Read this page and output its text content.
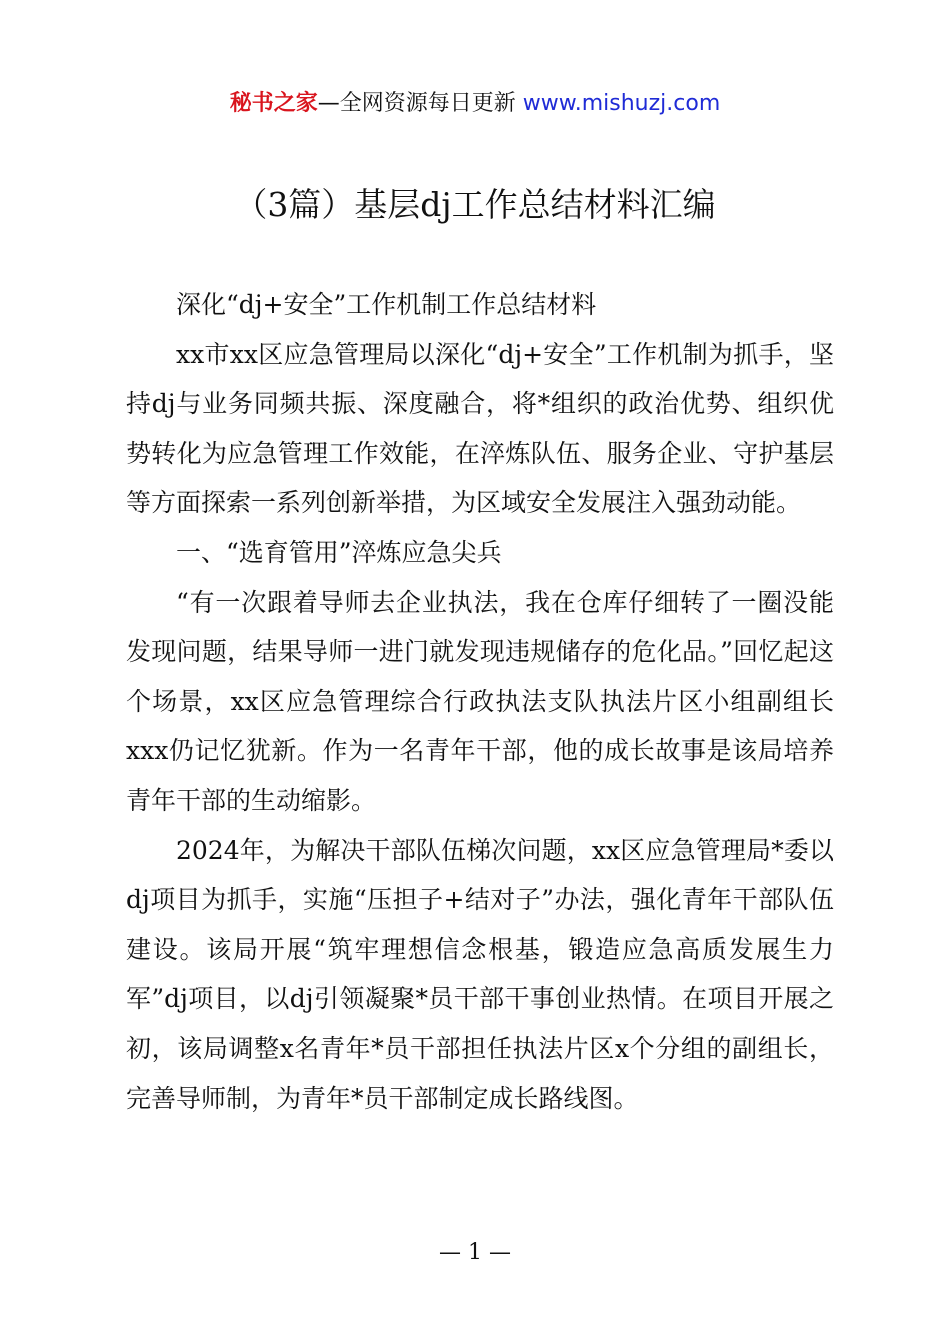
秘书之家—全网资源每日更新 www.mishuzj.com
（3篇）基层dj工作总结材料汇编

深化“dj+安全”工作机制工作总结材料

xx市xx区应急管理局以深化“dj+安全”工作机制为抓手，坚持dj与业务同频共振、深度融合，将*组织的政治优势、组织优势转化为应急管理工作效能，在淬炼队伍、服务企业、守护基层等方面探索一系列创新举措，为区域安全发展注入强劲动能。

一、“选育管用”淬炼应急尖兵

“有一次跟着导师去企业执法，我在仓库仔细转了一圈没能发现问题，结果导师一进门就发现违规储存的危化品。”回忆起这个场景，xx区应急管理综合行政执法支队执法片区小组副组长xxx仍记忆犹新。作为一名青年干部，他的成长故事是该局培养青年干部的生动缩影。

2024年，为解决干部队伍梯次问题，xx区应急管理局*委以dj项目为抓手，实施“压担子+结对子”办法，强化青年干部队伍建设。该局开展“筑牢理想信念根基，锻造应急高质发展生力军”dj项目，以dj引领凝聚*员干部干事创业热情。在项目开展之初，该局调整x名青年*员干部担任执法片区x个分组的副组长，完善导师制，为青年*员干部制定成长路线图。

— 1 —
